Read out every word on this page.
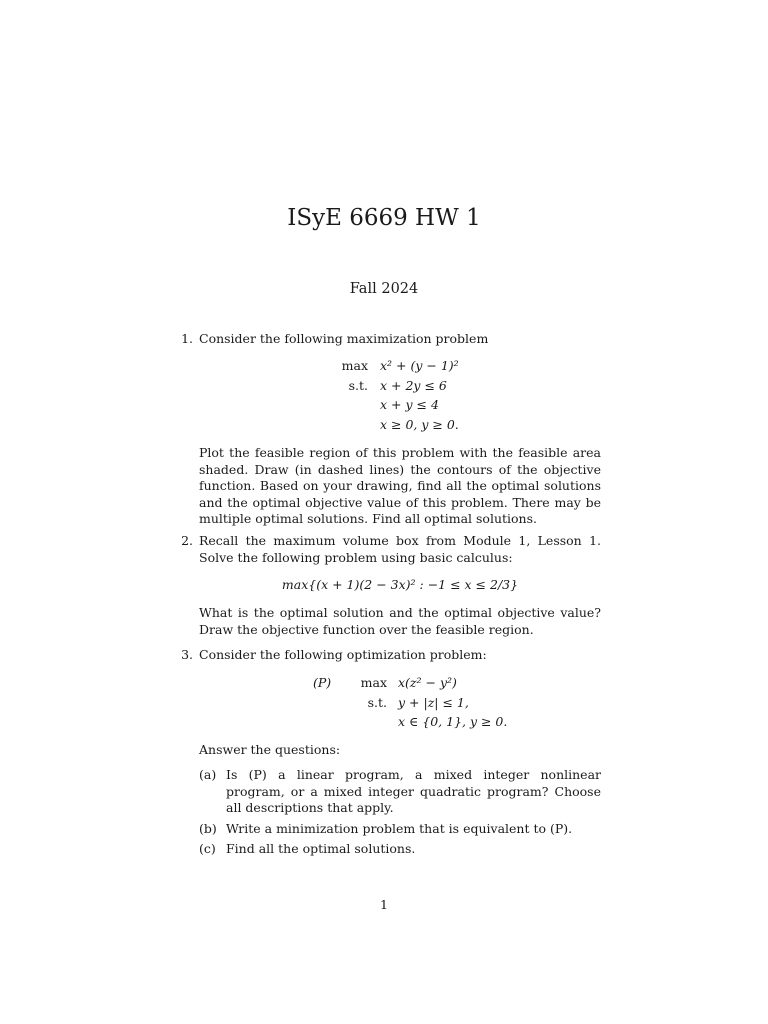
ISyE 6669 HW 1
Fall 2024
1. Consider the following maximization problem
max x² + (y − 1)²
s.t. x + 2y ≤ 6
x + y ≤ 4
x ≥ 0, y ≥ 0.
Plot the feasible region of this problem with the feasible area shaded. Draw (in dashed lines) the contours of the objective function. Based on your drawing, find all the optimal solutions and the optimal objective value of this problem. There may be multiple optimal solutions. Find all optimal solutions.
2. Recall the maximum volume box from Module 1, Lesson 1. Solve the following problem using basic calculus:
max{(x + 1)(2 − 3x)² : −1 ≤ x ≤ 2/3}
What is the optimal solution and the optimal objective value? Draw the objective function over the feasible region.
3. Consider the following optimization problem:
(P)	max x(z² − y²)
s.t. y + |z| ≤ 1,
x ∈ {0, 1}, y ≥ 0.
Answer the questions:
(a) Is (P) a linear program, a mixed integer nonlinear program, or a mixed integer quadratic program? Choose all descriptions that apply.
(b) Write a minimization problem that is equivalent to (P).
(c) Find all the optimal solutions.
1
